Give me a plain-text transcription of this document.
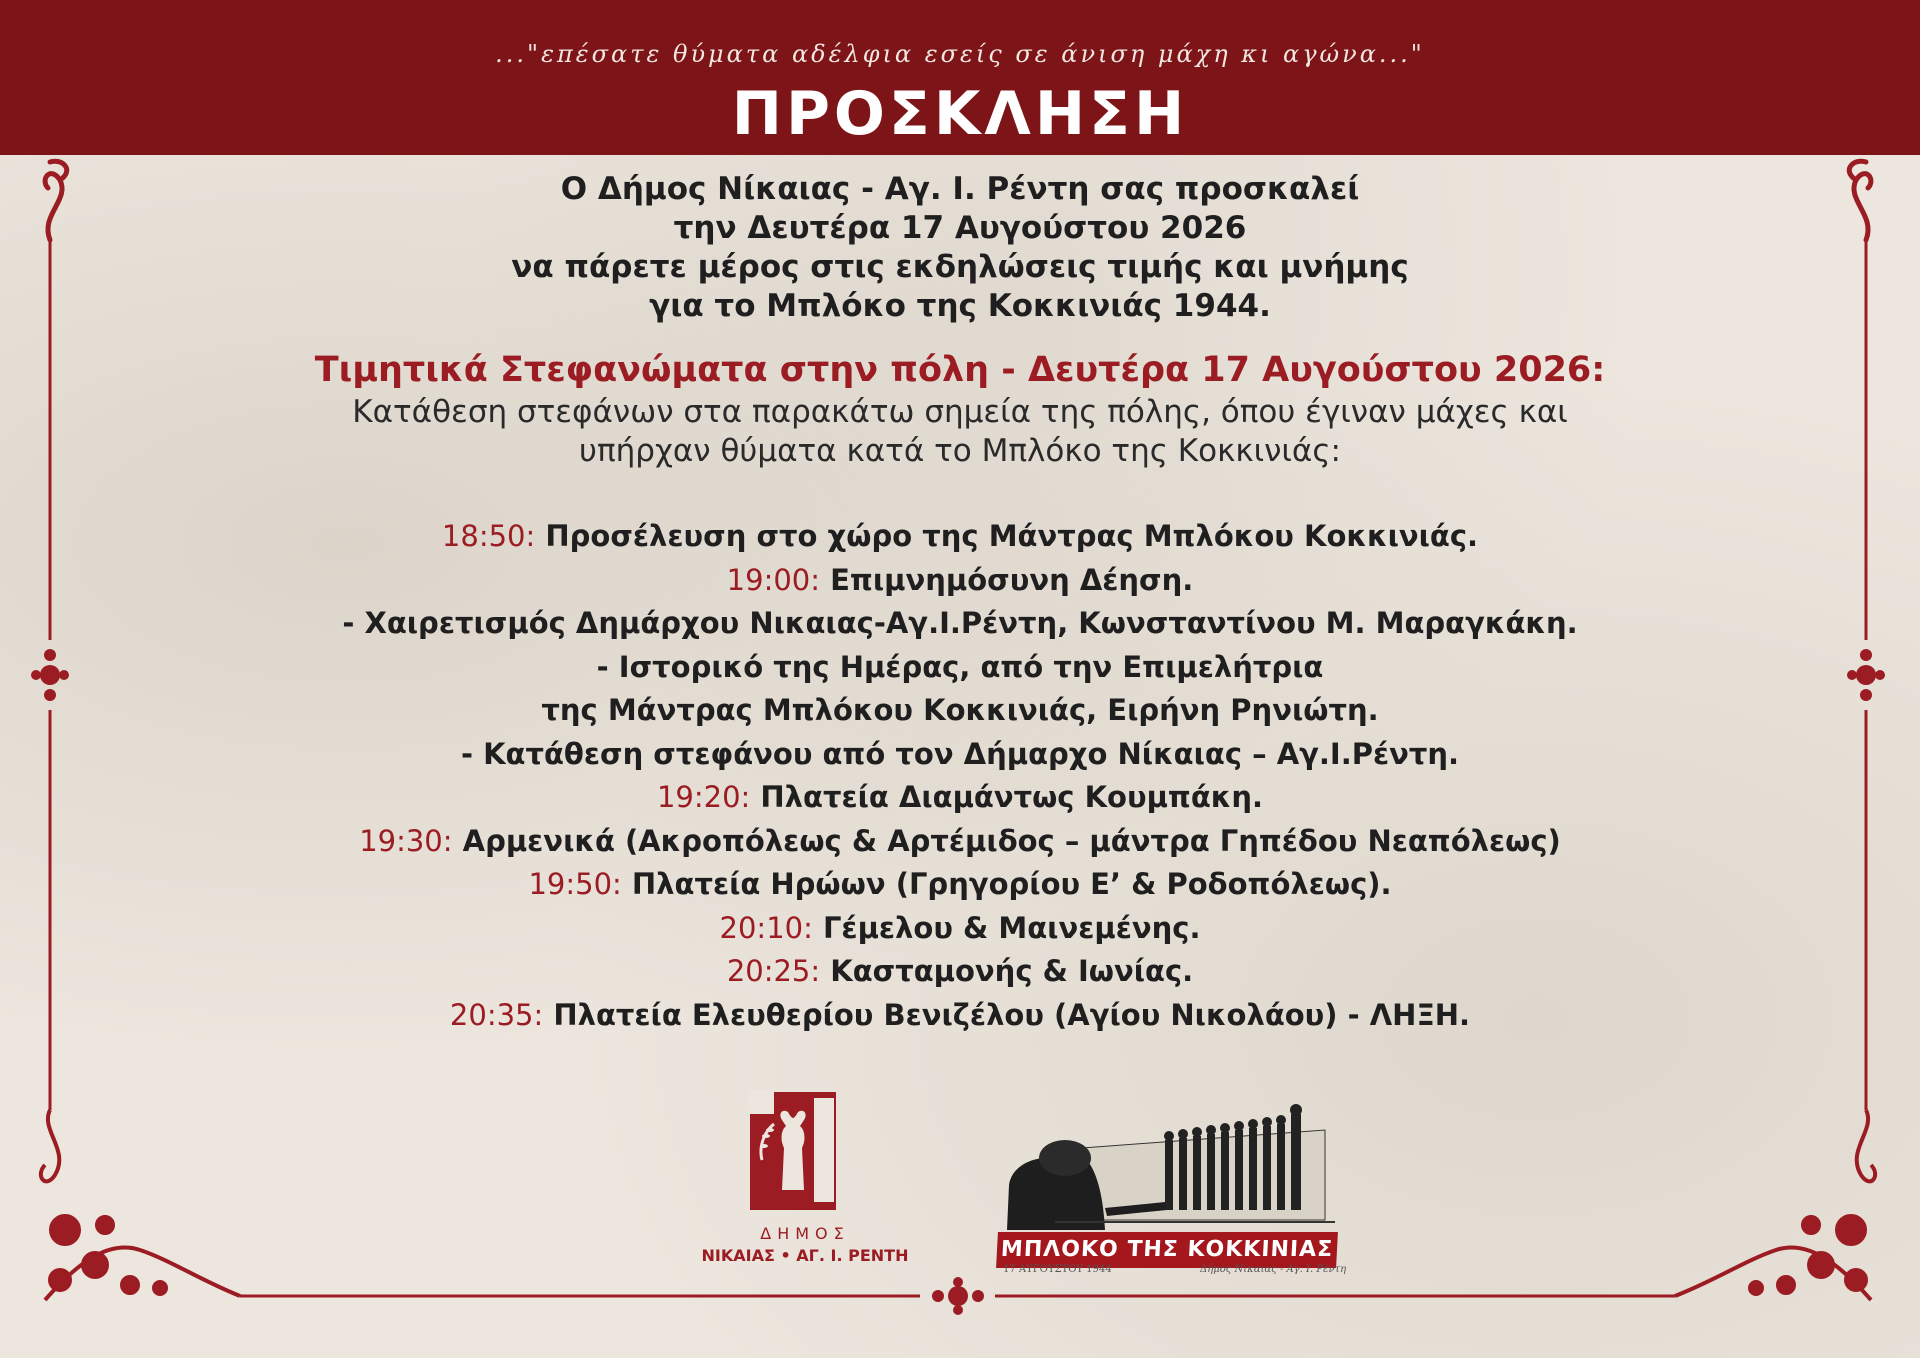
..."επέσατε θύματα αδέλφια εσείς σε άνιση μάχη κι αγώνα..."
ΠΡΟΣΚΛΗΣΗ
Ο Δήμος Νίκαιας - Αγ. Ι. Ρέντη σας προσκαλεί
την Δευτέρα 17 Αυγούστου 2026
να πάρετε μέρος στις εκδηλώσεις τιμής και μνήμης
για το Μπλόκο της Κοκκινιάς 1944.
Τιμητικά Στεφανώματα στην πόλη - Δευτέρα 17 Αυγούστου 2026:
Κατάθεση στεφάνων στα παρακάτω σημεία της πόλης, όπου έγιναν μάχες και
υπήρχαν θύματα κατά το Μπλόκο της Κοκκινιάς:
18:50: Προσέλευση στο χώρο της Μάντρας Μπλόκου Κοκκινιάς.
19:00: Επιμνημόσυνη Δέηση.
- Χαιρετισμός Δημάρχου Νικαιας-Αγ.Ι.Ρέντη, Κωνσταντίνου Μ. Μαραγκάκη.
- Ιστορικό της Ημέρας, από την Επιμελήτρια
της Μάντρας Μπλόκου Κοκκινιάς, Ειρήνη Ρηνιώτη.
- Κατάθεση στεφάνου από τον Δήμαρχο Νίκαιας – Αγ.Ι.Ρέντη.
19:20: Πλατεία Διαμάντως Κουμπάκη.
19:30: Αρμενικά (Ακροπόλεως & Αρτέμιδος – μάντρα Γηπέδου Νεαπόλεως)
19:50: Πλατεία Ηρώων (Γρηγορίου Ε’ & Ροδοπόλεως).
20:10: Γέμελου & Μαινεμένης.
20:25: Κασταμονής & Ιωνίας.
20:35: Πλατεία Ελευθερίου Βενιζέλου (Αγίου Νικολάου) - ΛΗΞΗ.
ΔΗΜΟΣ
ΝΙΚΑΙΑΣ • ΑΓ. Ι. ΡΕΝΤΗ	ΜΠΛΟΚΟ ΤΗΣ ΚΟΚΚΙΝΙΑΣ
17 ΑΥΓΟΥΣΤΟΥ 1944	Δήμος Νίκαιας - Αγ. Ι. Ρέντη
